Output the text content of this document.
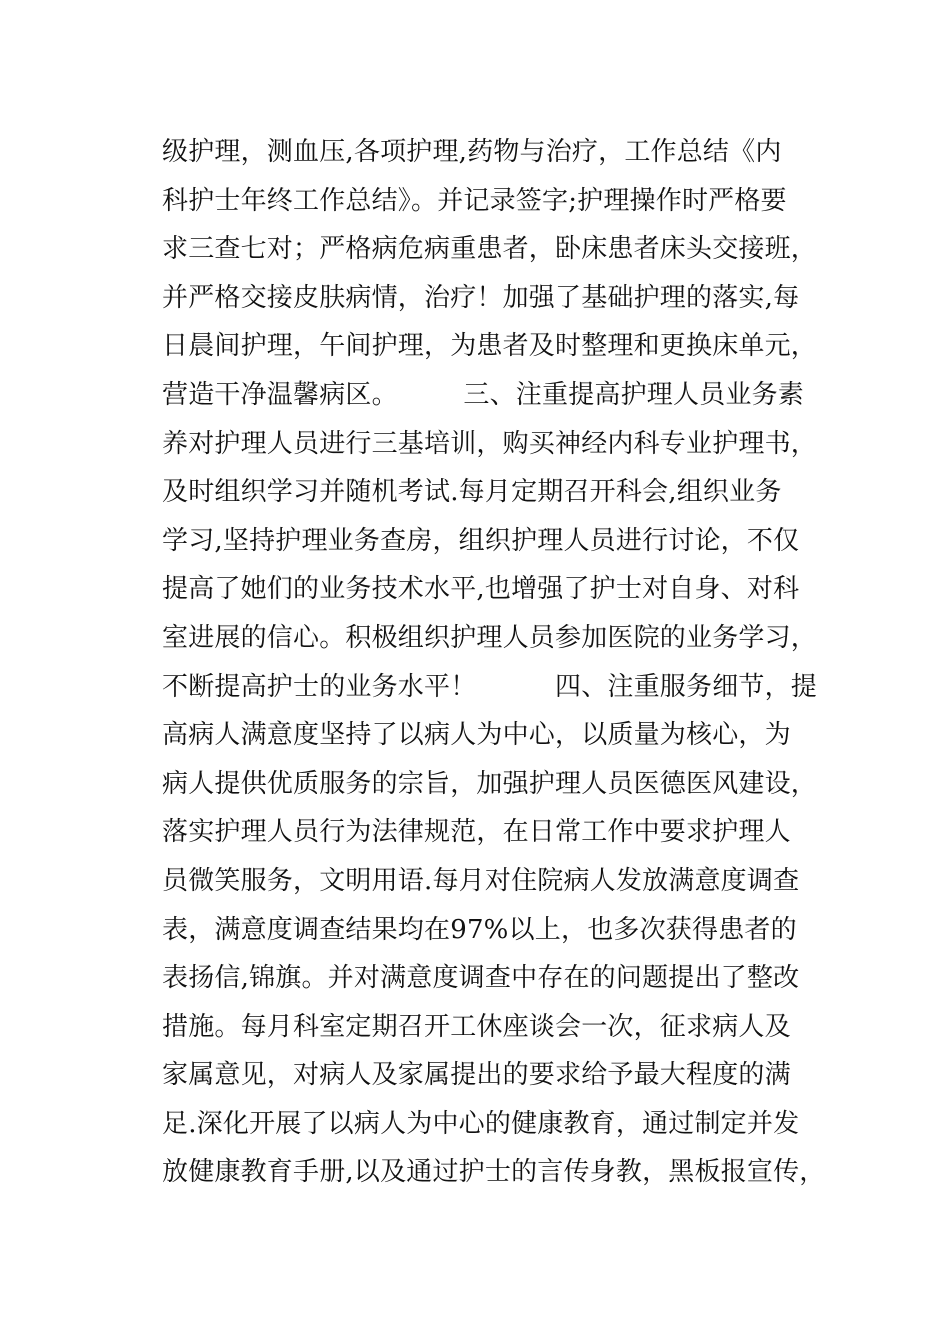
级护理，测血压,各项护理,药物与治疗，工作总结《内
科护士年终工作总结》。并记录签字;护理操作时严格要
求三查七对；严格病危病重患者，卧床患者床头交接班，
并严格交接皮肤病情，治疗！加强了基础护理的落实,每
日晨间护理，午间护理，为患者及时整理和更换床单元，
营造干净温馨病区。　　　三、注重提高护理人员业务素
养对护理人员进行三基培训，购买神经内科专业护理书，
及时组织学习并随机考试.每月定期召开科会,组织业务
学习,坚持护理业务查房，组织护理人员进行讨论，不仅
提高了她们的业务技术水平,也增强了护士对自身、对科
室进展的信心。积极组织护理人员参加医院的业务学习，
不断提高护士的业务水平！　　　四、注重服务细节，提
高病人满意度坚持了以病人为中心，以质量为核心，为
病人提供优质服务的宗旨，加强护理人员医德医风建设，
落实护理人员行为法律规范，在日常工作中要求护理人
员微笑服务，文明用语.每月对住院病人发放满意度调查
表，满意度调查结果均在97%以上，也多次获得患者的
表扬信,锦旗。并对满意度调查中存在的问题提出了整改
措施。每月科室定期召开工休座谈会一次，征求病人及
家属意见，对病人及家属提出的要求给予最大程度的满
足.深化开展了以病人为中心的健康教育，通过制定并发
放健康教育手册,以及通过护士的言传身教，黑板报宣传，
